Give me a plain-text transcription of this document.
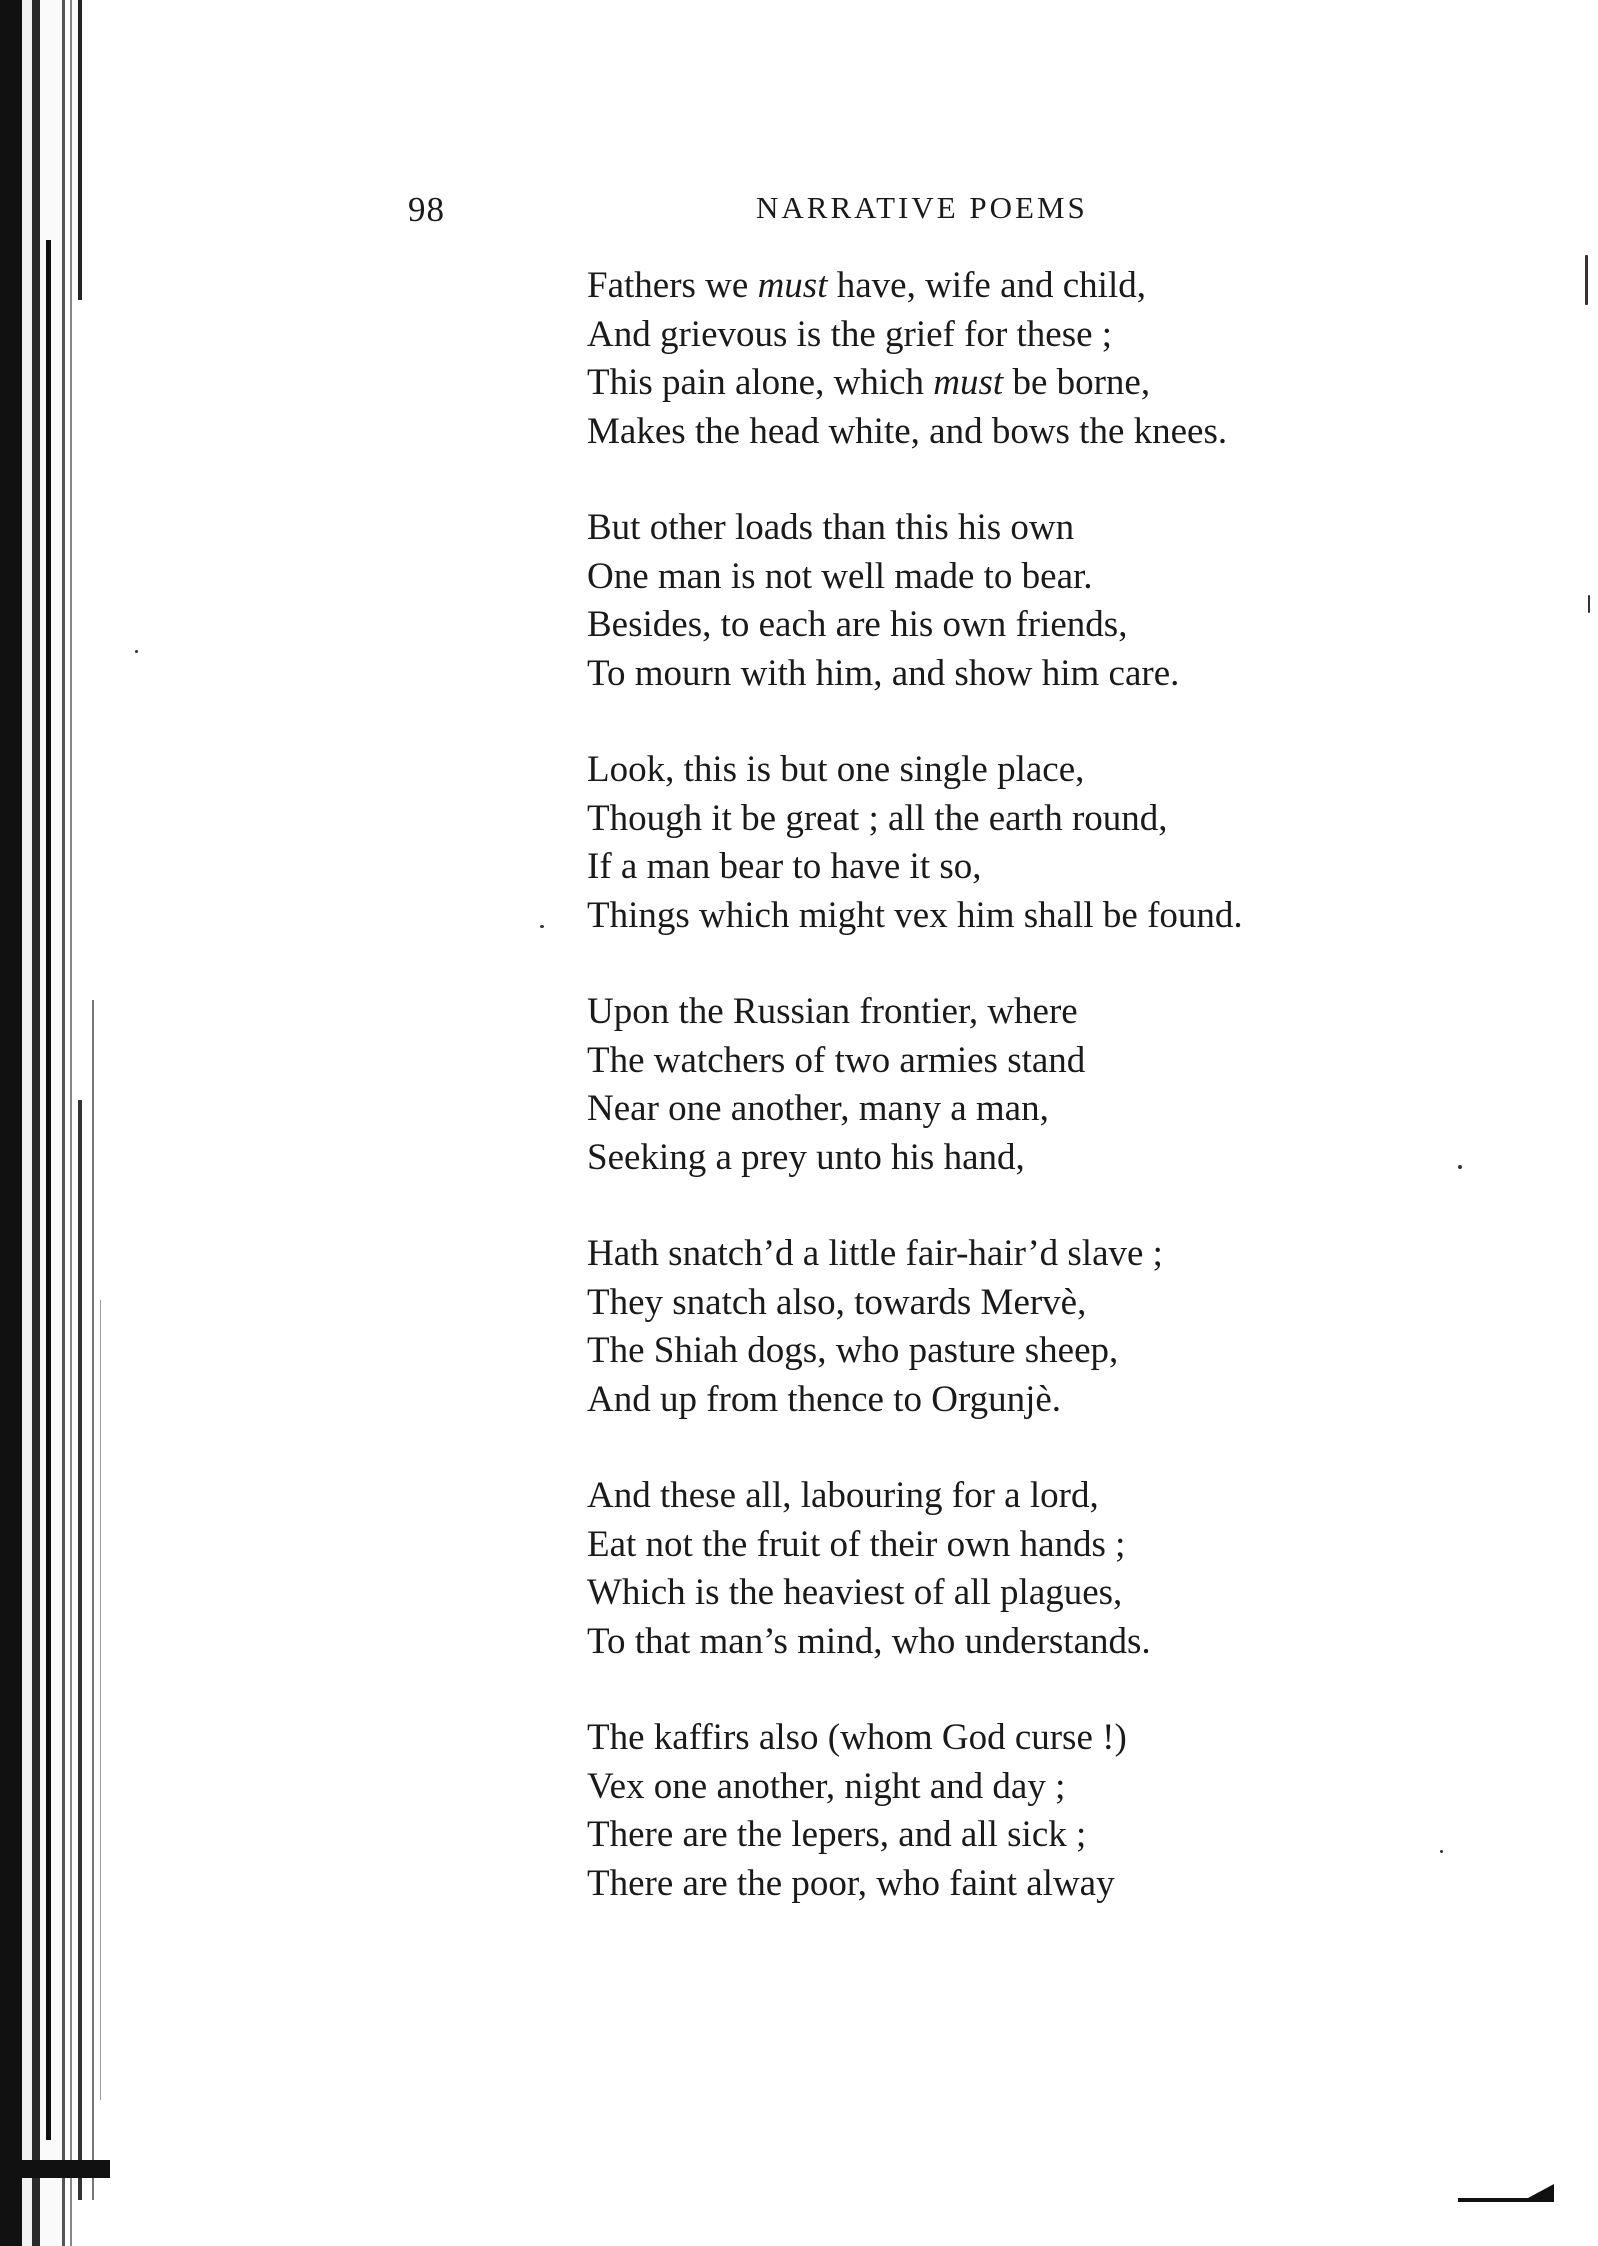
98	NARRATIVE POEMS
Fathers we must have, wife and child,
And grievous is the grief for these ;
This pain alone, which must be borne,
Makes the head white, and bows the knees.
But other loads than this his own
One man is not well made to bear.
Besides, to each are his own friends,
To mourn with him, and show him care.
Look, this is but one single place,
Though it be great ; all the earth round,
If a man bear to have it so,
Things which might vex him shall be found.
Upon the Russian frontier, where
The watchers of two armies stand
Near one another, many a man,
Seeking a prey unto his hand,
Hath snatch’d a little fair-hair’d slave ;
They snatch also, towards Mervè,
The Shiah dogs, who pasture sheep,
And up from thence to Orgunjè.
And these all, labouring for a lord,
Eat not the fruit of their own hands ;
Which is the heaviest of all plagues,
To that man’s mind, who understands.
The kaffirs also (whom God curse !)
Vex one another, night and day ;
There are the lepers, and all sick ;
There are the poor, who faint alway
